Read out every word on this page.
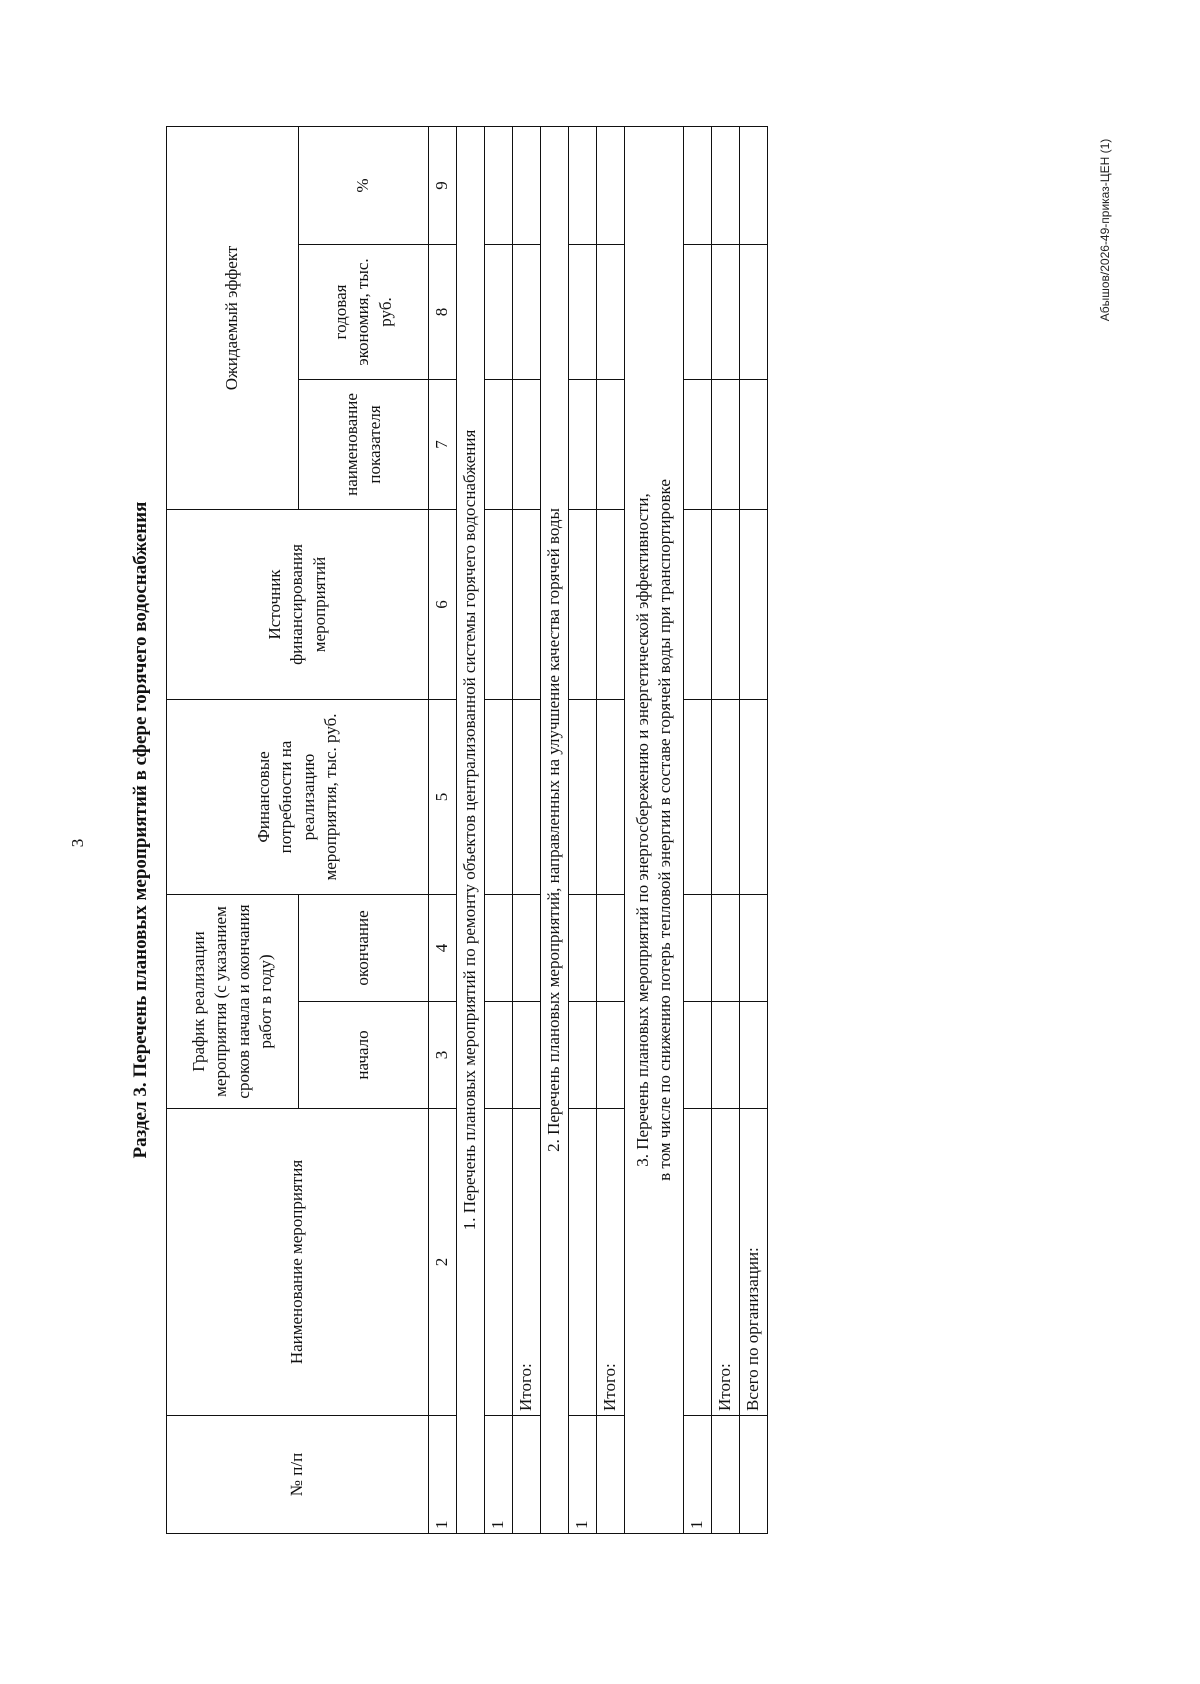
3
Абышов/2026-49-приказ-ЦЕН (1)
Раздел 3. Перечень плановых мероприятий в сфере горячего водоснабжения
№ п/п	Наименование мероприятия	График реализации мероприятия (с указанием сроков начала и окончания работ в году)		Финансовые потребности на реализацию мероприятия, тыс. руб.	Источник финансирования мероприятий	Ожидаемый эффект		
		начало	окончание			наименование показателя	годовая экономия, тыс. руб.	%
1	2	3	4	5	6	7	8	9
1. Перечень плановых мероприятий по ремонту объектов централизованной системы горячего водоснабжения								
1								
	Итого:							
2. Перечень плановых мероприятий, направленных на улучшение качества горячей воды								
1								
	Итого:							

3. Перечень плановых мероприятий по энергосбережению и энергетической эффективности, в том числе по снижению потерь тепловой энергии в составе горячей воды при транспортировке								

1								
	Итого:							
	Всего по организации:							
